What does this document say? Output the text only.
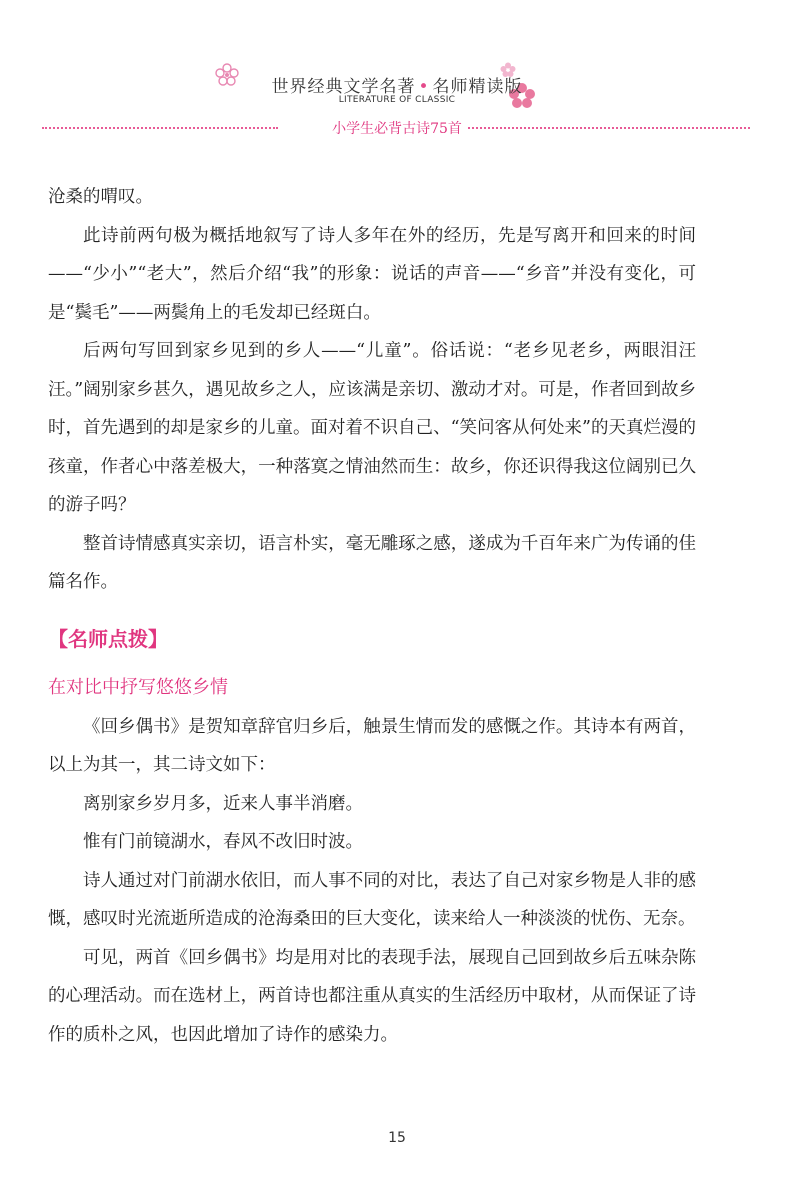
世界经典文学名著 • 名师精读版
LITERATURE OF CLASSIC
小学生必背古诗75首

沧桑的喟叹。

此诗前两句极为概括地叙写了诗人多年在外的经历，先是写离开和回来的时间——“少小”“老大”，然后介绍“我”的形象：说话的声音——“乡音”并没有变化，可是“鬓毛”——两鬓角上的毛发却已经斑白。

后两句写回到家乡见到的乡人——“儿童”。俗话说：“老乡见老乡，两眼泪汪汪。”阔别家乡甚久，遇见故乡之人，应该满是亲切、激动才对。可是，作者回到故乡时，首先遇到的却是家乡的儿童。面对着不识自己、“笑问客从何处来”的天真烂漫的孩童，作者心中落差极大，一种落寞之情油然而生：故乡，你还识得我这位阔别已久的游子吗？

整首诗情感真实亲切，语言朴实，毫无雕琢之感，遂成为千百年来广为传诵的佳篇名作。

【名师点拨】
在对比中抒写悠悠乡情

《回乡偶书》是贺知章辞官归乡后，触景生情而发的感慨之作。其诗本有两首，以上为其一，其二诗文如下：

离别家乡岁月多，近来人事半消磨。

惟有门前镜湖水，春风不改旧时波。

诗人通过对门前湖水依旧，而人事不同的对比，表达了自己对家乡物是人非的感慨，感叹时光流逝所造成的沧海桑田的巨大变化，读来给人一种淡淡的忧伤、无奈。

可见，两首《回乡偶书》均是用对比的表现手法，展现自己回到故乡后五味杂陈的心理活动。而在选材上，两首诗也都注重从真实的生活经历中取材，从而保证了诗作的质朴之风，也因此增加了诗作的感染力。

15
